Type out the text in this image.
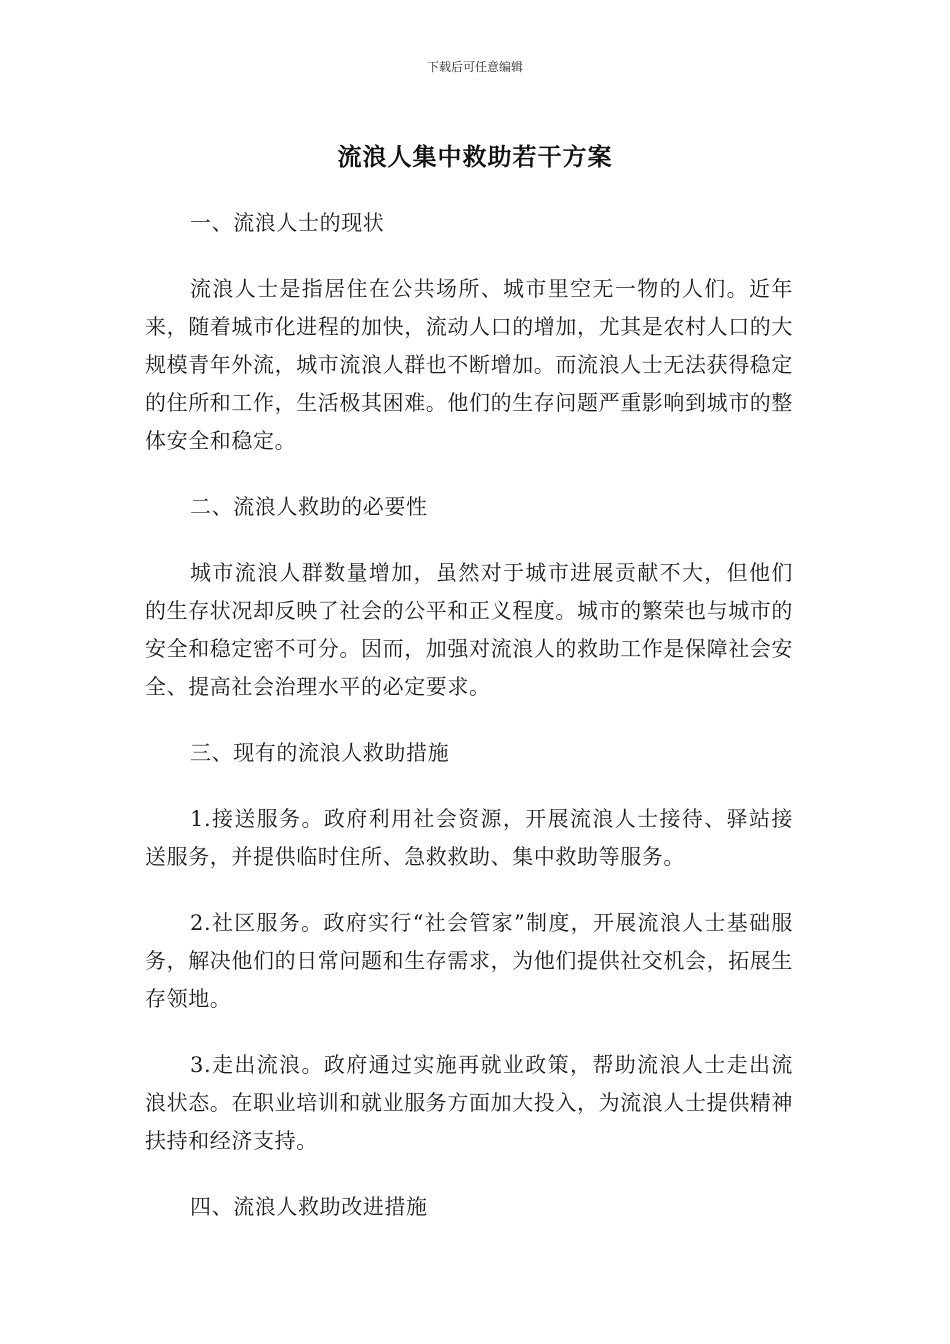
下载后可任意编辑
流浪人集中救助若干方案

一、流浪人士的现状

流浪人士是指居住在公共场所、城市里空无一物的人们。近年来，随着城市化进程的加快，流动人口的增加，尤其是农村人口的大规模青年外流，城市流浪人群也不断增加。而流浪人士无法获得稳定的住所和工作，生活极其困难。他们的生存问题严重影响到城市的整体安全和稳定。

二、流浪人救助的必要性

城市流浪人群数量增加，虽然对于城市进展贡献不大，但他们的生存状况却反映了社会的公平和正义程度。城市的繁荣也与城市的安全和稳定密不可分。因而，加强对流浪人的救助工作是保障社会安全、提高社会治理水平的必定要求。

三、现有的流浪人救助措施

1.接送服务。政府利用社会资源，开展流浪人士接待、驿站接送服务，并提供临时住所、急救救助、集中救助等服务。

2.社区服务。政府实行“社会管家”制度，开展流浪人士基础服务，解决他们的日常问题和生存需求，为他们提供社交机会，拓展生存领地。

3.走出流浪。政府通过实施再就业政策，帮助流浪人士走出流浪状态。在职业培训和就业服务方面加大投入，为流浪人士提供精神扶持和经济支持。

四、流浪人救助改进措施
